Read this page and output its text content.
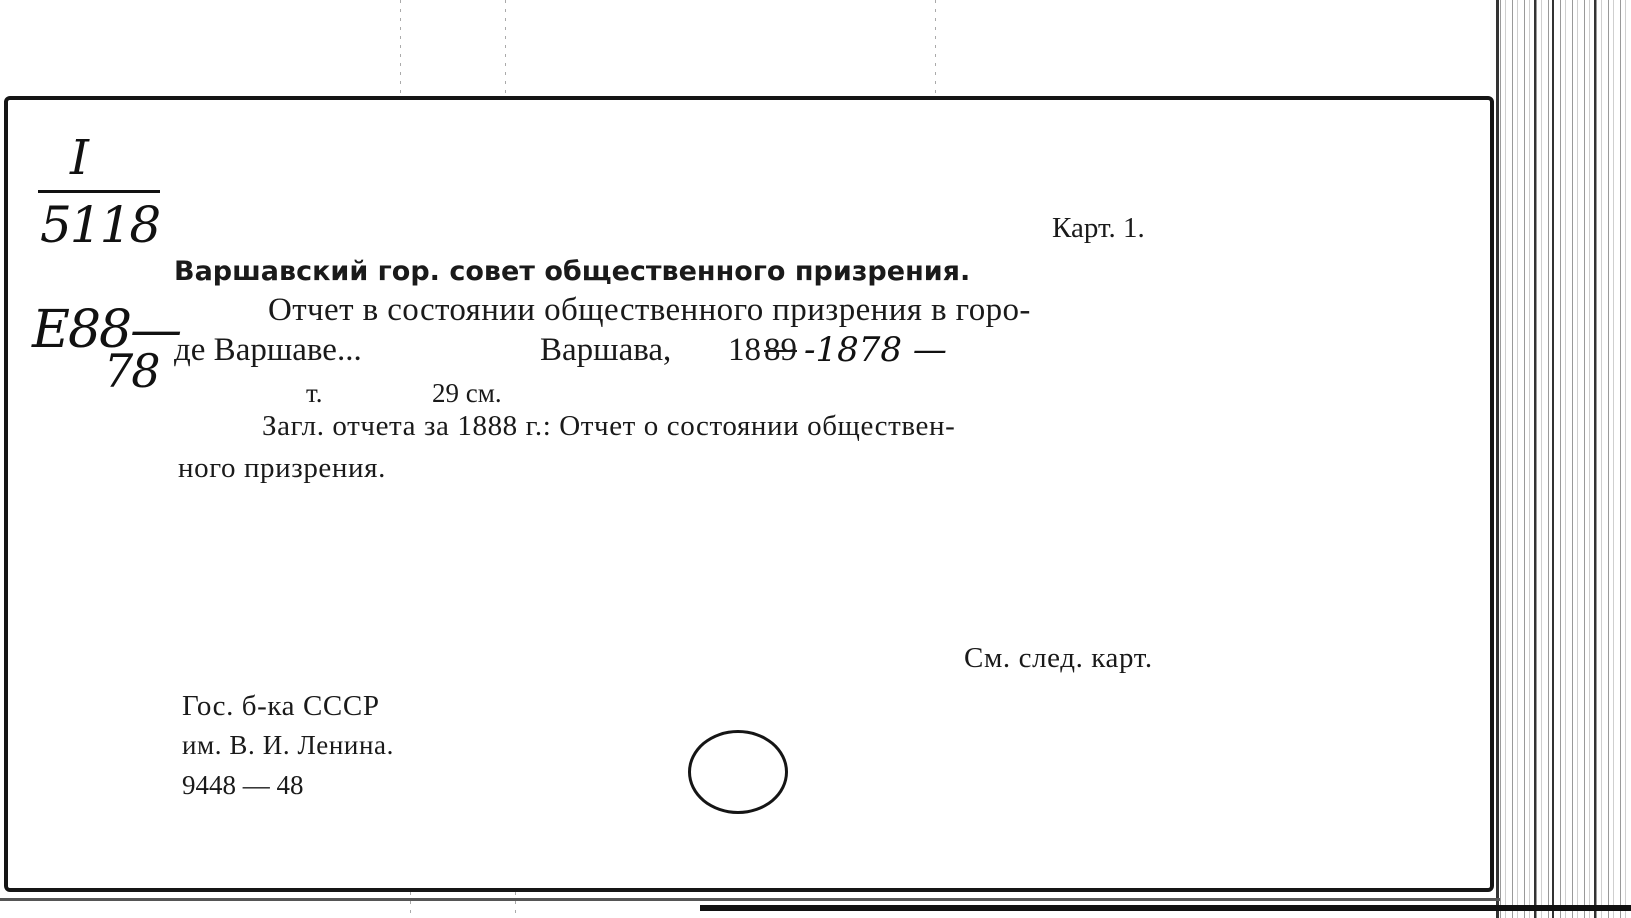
I
5118
E88—
78
Карт. 1.
Варшавский гор. совет общественного призрения.
Отчет в состоянии общественного призрения в горо-
де Варшаве...	Варшава, 18 89 -1878 —
т.	29 см.
Загл. отчета за 1888 г.: Отчет о состоянии обществен-
ного призрения.
См. след. карт.
Гос. б-ка СССР
им. В. И. Ленина.
9448 — 48
